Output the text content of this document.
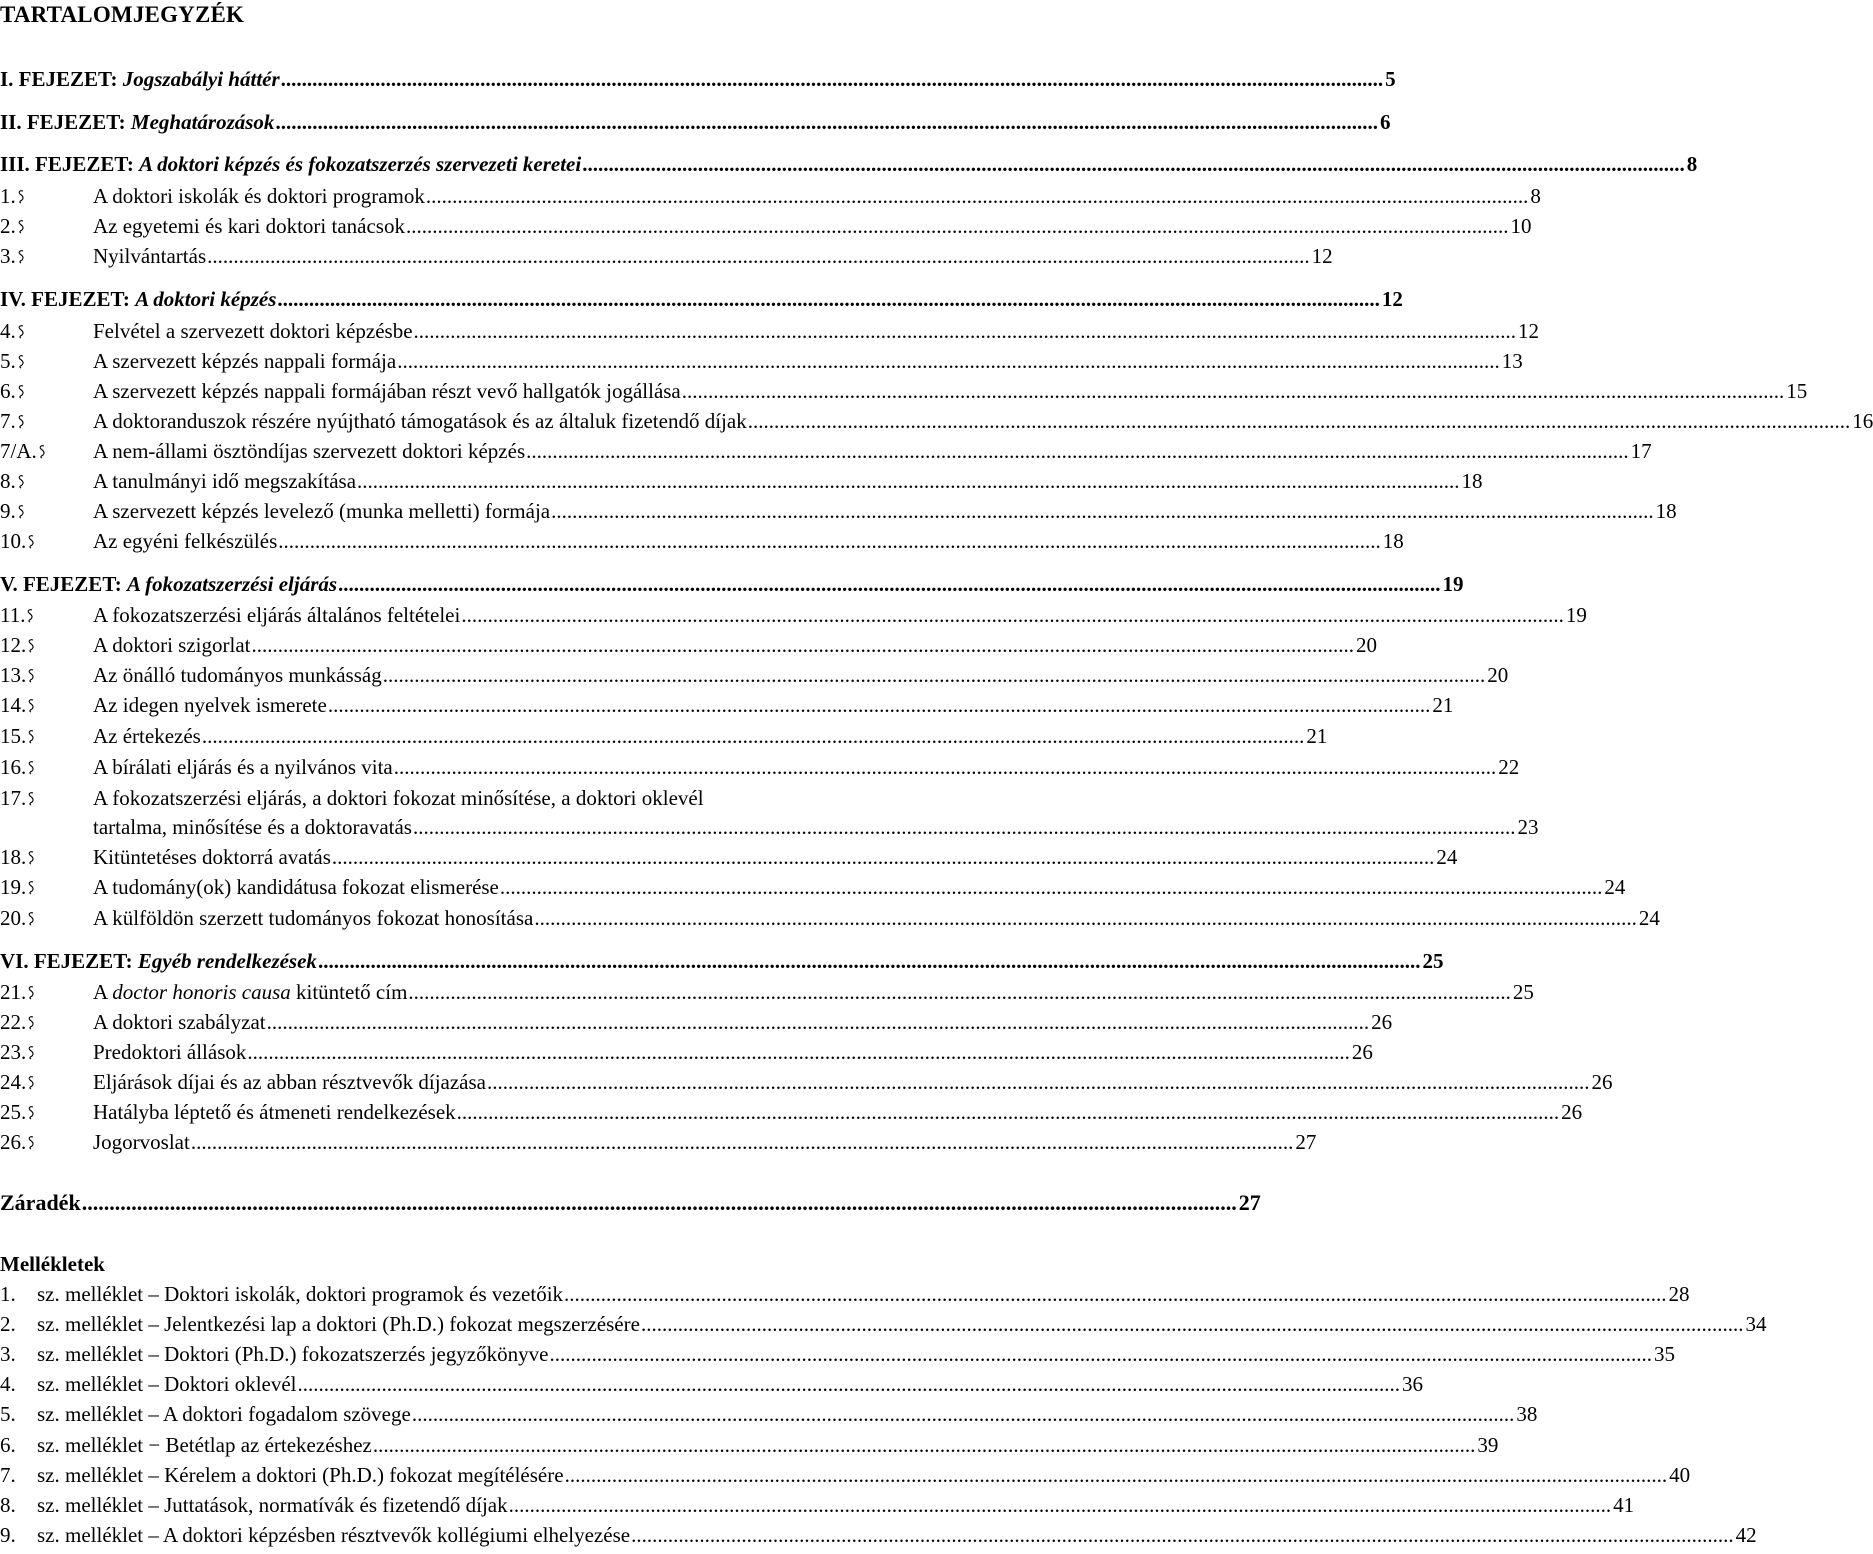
TARTALOMJEGYZÉK
I. FEJEZET: Jogszabályi háttér .....	5
II. FEJEZET: Meghatározások .....	6
III. FEJEZET: A doktori képzés és fokozatszerzés szervezeti keretei .....	8
1.	A doktori iskolák és doktori programok .....	8
2.	Az egyetemi és kari doktori tanácsok .....	10
3.	Nyilvántartás .....	12
IV. FEJEZET: A doktori képzés .....	12
4.	Felvétel a szervezett doktori képzésbe .....	12
5.	A szervezett képzés nappali formája .....	13
6.	A szervezett képzés nappali formájában részt vevő hallgatók jogállása .....	15
7.	A doktoranduszok részére nyújtható támogatások és az általuk fizetendő díjak .....	16
7/A.	A nem-állami ösztöndíjas szervezett doktori képzés .....	17
8.	A tanulmányi idő megszakítása .....	18
9.	A szervezett képzés levelező (munka melletti) formája .....	18
10.	Az egyéni felkészülés .....	18
V. FEJEZET: A fokozatszerzési eljárás .....	19
11.	A fokozatszerzési eljárás általános feltételei .....	19
12.	A doktori szigorlat .....	20
13.	Az önálló tudományos munkásság .....	20
14.	Az idegen nyelvek ismerete .....	21
15.	Az értekezés .....	21
16.	A bírálati eljárás és a nyilvános vita .....	22
17.	A fokozatszerzési eljárás, a doktori fokozat minősítése, a doktori oklevél
tartalma, minősítése és a doktoravatás .....	23
18.	Kitüntetéses doktorrá avatás .....	24
19.	A tudomány(ok) kandidátusa fokozat elismerése .....	24
20.	A külföldön szerzett tudományos fokozat honosítása .....	24
VI. FEJEZET: Egyéb rendelkezések .....	25
21.	A doctor honoris causa kitüntető cím .....	25
22.	A doktori szabályzat .....	26
23.	Predoktori állások .....	26
24.	Eljárások díjai és az abban résztvevők díjazása .....	26
25.	Hatályba léptető és átmeneti rendelkezések .....	26
26.	Jogorvoslat .....	27
Záradék .....	27
Mellékletek
1.	sz. melléklet – Doktori iskolák, doktori programok és vezetőik .....	28
2.	sz. melléklet – Jelentkezési lap a doktori (Ph.D.) fokozat megszerzésére .....	34
3.	sz. melléklet – Doktori (Ph.D.) fokozatszerzés jegyzőkönyve .....	35
4.	sz. melléklet – Doktori oklevél .....	36
5.	sz. melléklet – A doktori fogadalom szövege .....	38
6.	sz. melléklet − Betétlap az értekezéshez .....	39
7.	sz. melléklet – Kérelem a doktori (Ph.D.) fokozat megítélésére .....	40
8.	sz. melléklet – Juttatások, normatívák és fizetendő díjak .....	41
9.	sz. melléklet – A doktori képzésben résztvevők kollégiumi elhelyezése .....	42
